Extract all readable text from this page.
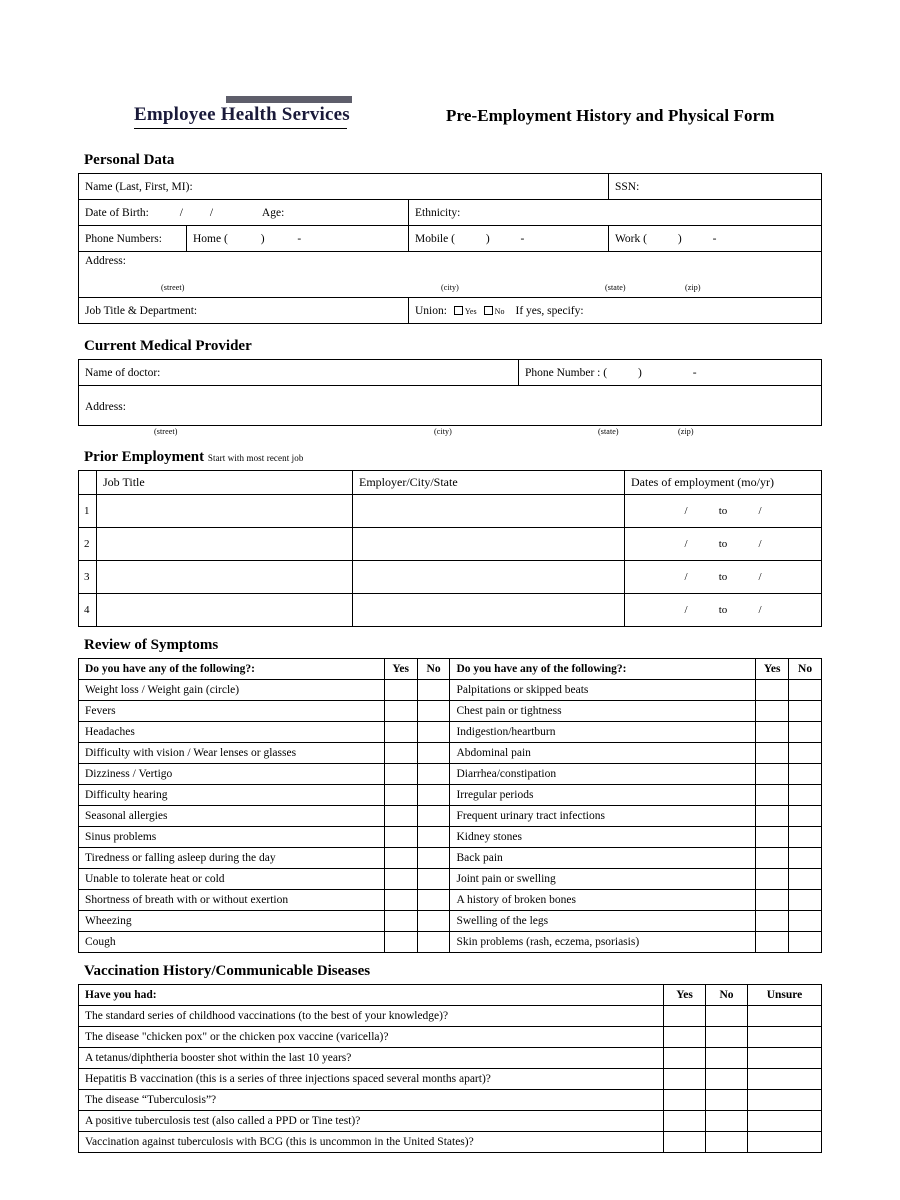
Employee Health Services	Pre-Employment History and Physical Form
Personal Data
Name (Last, First, MI):			SSN:
Date of Birth: / / Age:		Ethnicity:	
Phone Numbers:	Home ( ) -	Mobile ( ) -	Work ( ) -
Address:
(street) (city) (state) (zip)			

Job Title & Department:		Union: Yes No If yes, specify:	
Current Medical Provider
Name of doctor:	Phone Number : (	)	-
Address:
(street)	(city)	(state)	(zip)
Prior Employment Start with most recent job
	Job Title	Employer/City/State	Dates of employment (mo/yr)
1			/ to /
2			/ to /
3			/ to /
4			/ to /
Review of Symptoms
Do you have any of the following?:	Yes	No	Do you have any of the following?:	Yes	No
Weight loss / Weight gain (circle)			Palpitations or skipped beats		
Fevers			Chest pain or tightness		
Headaches			Indigestion/heartburn		
Difficulty with vision / Wear lenses or glasses			Abdominal pain		
Dizziness / Vertigo			Diarrhea/constipation		
Difficulty hearing			Irregular periods		
Seasonal allergies			Frequent urinary tract infections		
Sinus problems			Kidney stones		
Tiredness or falling asleep during the day			Back pain		
Unable to tolerate heat or cold			Joint pain or swelling		
Shortness of breath with or without exertion			A history of broken bones		
Wheezing			Swelling of the legs		
Cough			Skin problems (rash, eczema, psoriasis)		
Vaccination History/Communicable Diseases
Have you had:	Yes	No	Unsure
The standard series of childhood vaccinations (to the best of your knowledge)?			
The disease "chicken pox" or the chicken pox vaccine (varicella)?			
A tetanus/diphtheria booster shot within the last 10 years?			
Hepatitis B vaccination (this is a series of three injections spaced several months apart)?			
The disease “Tuberculosis”?			
A positive tuberculosis test (also called a PPD or Tine test)?			
Vaccination against tuberculosis with BCG (this is uncommon in the United States)?			
